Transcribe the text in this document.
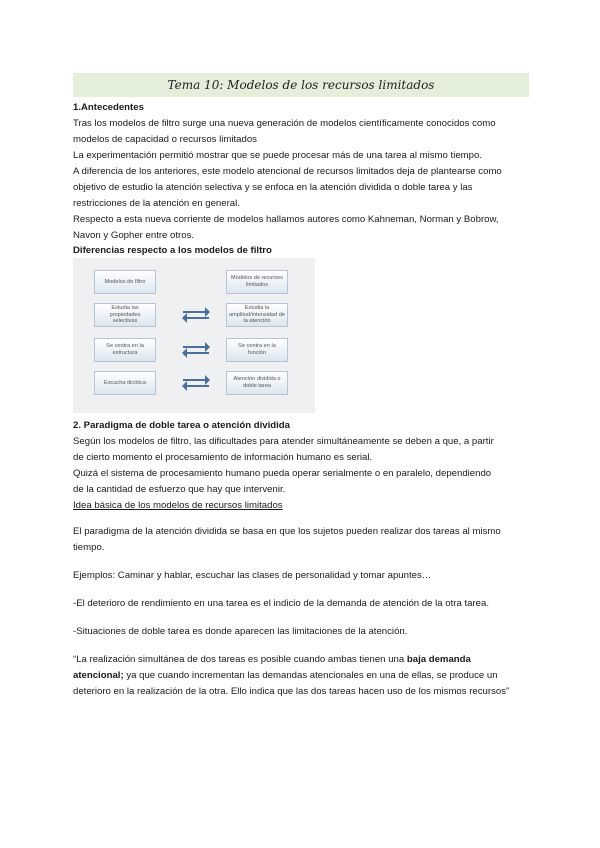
Tema 10: Modelos de los recursos limitados
1.Antecedentes
Tras los modelos de filtro surge una nueva generación de modelos científicamente conocidos como
modelos de capacidad o recursos limitados
La experimentación permitió mostrar que se puede procesar más de una tarea al mismo tiempo.
A diferencia de los anteriores, este modelo atencional de recursos limitados deja de plantearse como
objetivo de estudio la atención selectiva y se enfoca en la atención dividida o doble tarea y las
restricciones de la atención en general.
Respecto a esta nueva corriente de modelos hallamos autores como Kahneman, Norman y Bobrow,
Navon y Gopher entre otros.
Diferencias respecto a los modelos de filtro
Modelos de filtro
Estudia las propiedades selectivas
Se centra en la estructura
Escucha dicótica
Modelos de recursos limitados
Estudia la amplitud/intensidad de la atención
Se centra en la función
Atención dividida o doble tarea
2. Paradigma de doble tarea o atención dividida
Según los modelos de filtro, las dificultades para atender simultáneamente se deben a que, a partir
de cierto momento el procesamiento de información humano es serial.
Quizá el sistema de procesamiento humano pueda operar serialmente o en paralelo, dependiendo
de la cantidad de esfuerzo que hay que intervenir.
Idea básica de los modelos de recursos limitados
El paradigma de la atención dividida se basa en que los sujetos pueden realizar dos tareas al mismo
tiempo.
Ejemplos: Caminar y hablar, escuchar las clases de personalidad y tomar apuntes…
-El deterioro de rendimiento en una tarea es el indicio de la demanda de atención de la otra tarea.
-Situaciones de doble tarea es donde aparecen las limitaciones de la atención.
“La realización simultánea de dos tareas es posible cuando ambas tienen una baja demanda
atencional; ya que cuando incrementan las demandas atencionales en una de ellas, se produce un
deterioro en la realización de la otra. Ello indica que las dos tareas hacen uso de los mismos recursos”
